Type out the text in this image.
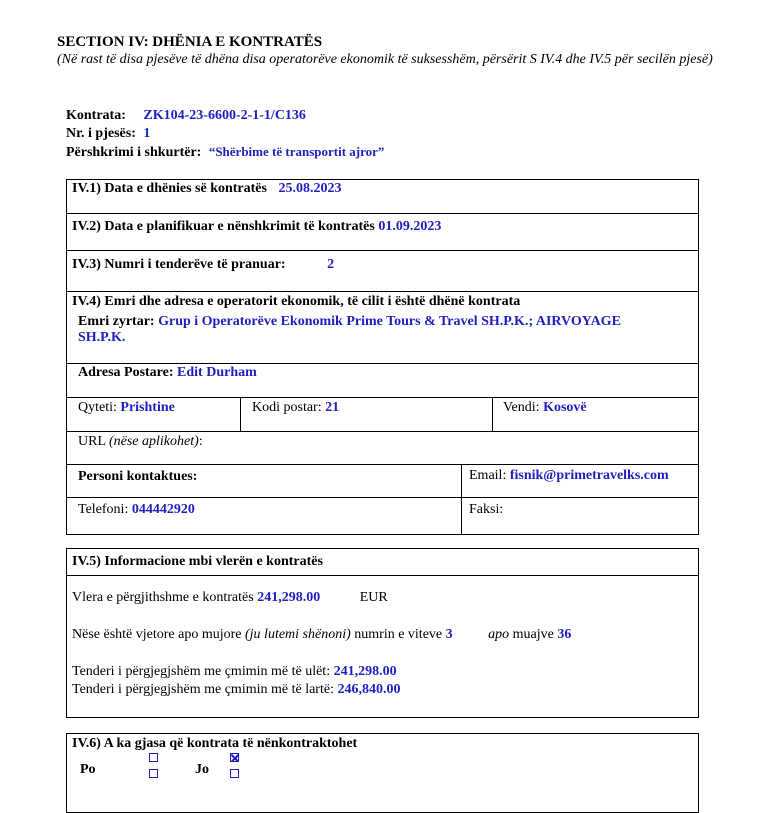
SECTION IV: DHËNIA E KONTRATËS
(Në rast të disa pjesëve të dhëna disa operatorëve ekonomik të suksesshëm, përsërit S IV.4 dhe IV.5 për secilën pjesë)
Kontrata: ZK104-23-6600-2-1-1/C136
Nr. i pjesës: 1
Përshkrimi i shkurtër: “Shërbime të transportit ajror”
IV.1) Data e dhënies së kontratës 25.08.2023
IV.2) Data e planifikuar e nënshkrimit të kontratës 01.09.2023
IV.3) Numri i tenderëve të pranuar:	2
IV.4) Emri dhe adresa e operatorit ekonomik, të cilit i është dhënë kontrata
Emri zyrtar: Grup i Operatorëve Ekonomik Prime Tours & Travel SH.P.K.; AIRVOYAGE
SH.P.K.
Adresa Postare: Edit Durham
Qyteti: Prishtine	Kodi postar: 21	Vendi: Kosovë
URL (nëse aplikohet):
Personi kontaktues:	Email: fisnik@primetravelks.com
Telefoni: 044442920	Faksi:
IV.5) Informacione mbi vlerën e kontratës
Vlera e përgjithshme e kontratës 241,298.00	EUR
Nëse është vjetore apo mujore (ju lutemi shënoni) numrin e viteve 3	apo muajve 36
Tenderi i përgjegjshëm me çmimin më të ulët: 241,298.00
Tenderi i përgjegjshëm me çmimin më të lartë: 246,840.00
IV.6) A ka gjasa që kontrata të nënkontraktohet
Po	Jo
